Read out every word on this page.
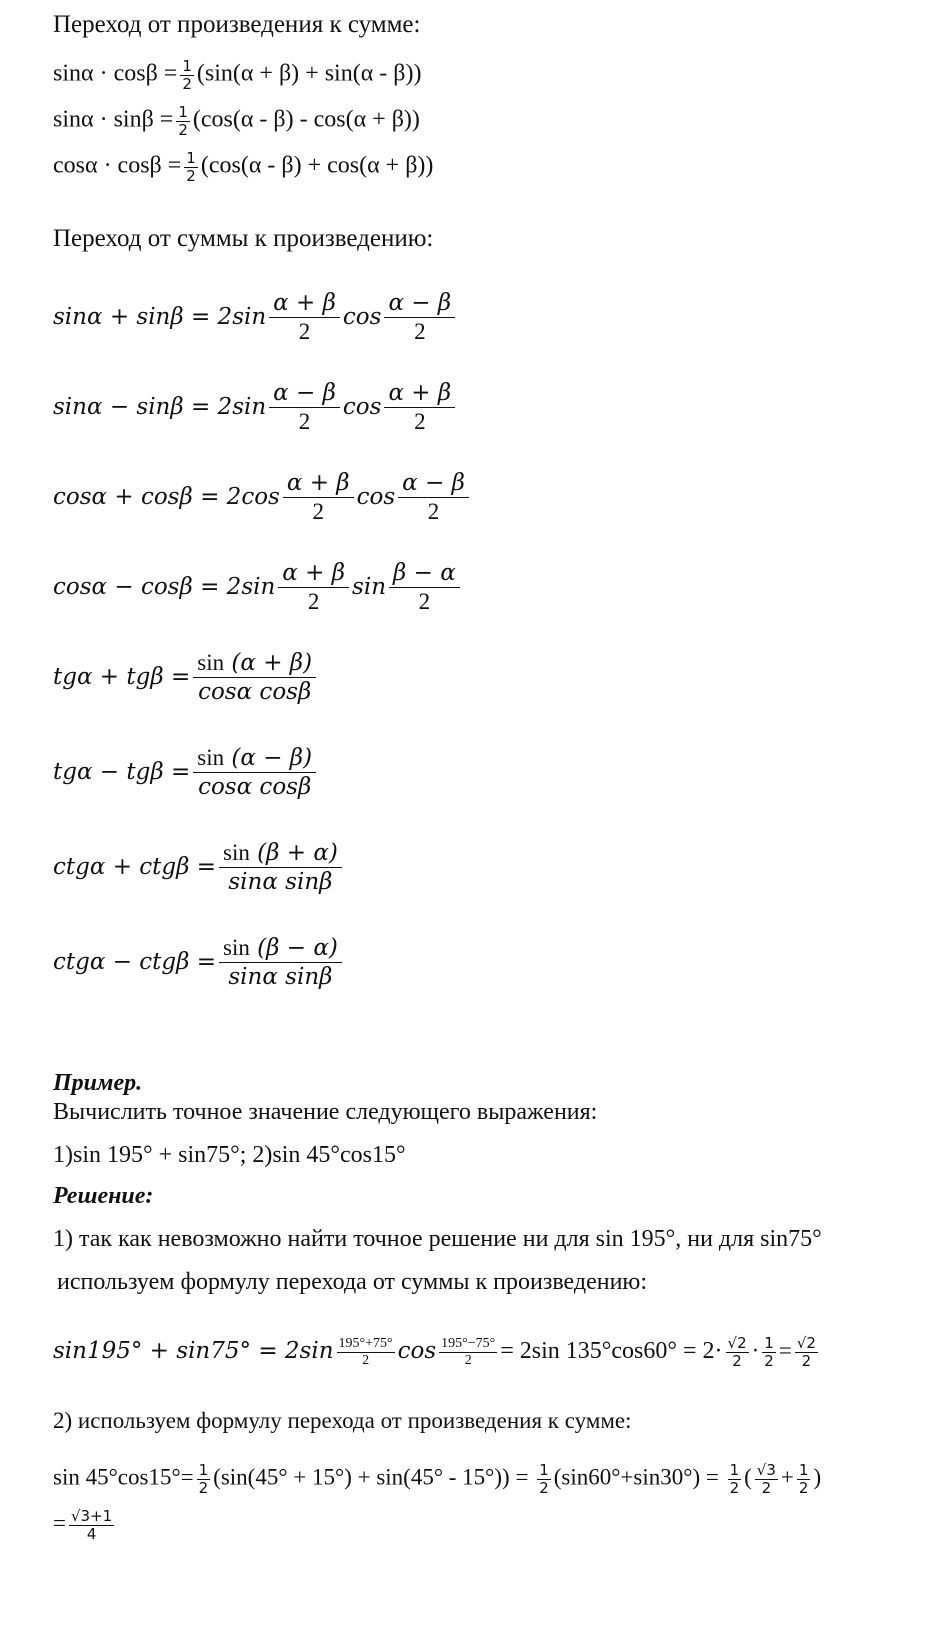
Переход от произведения к сумме:
$\sin\alpha \cdot \cos\beta = \frac{1}{2} (\sin(\alpha + \beta) + \sin(\alpha - \beta))$
$\sin\alpha \cdot \sin\beta = \frac{1}{2} (\cos(\alpha - \beta) - \cos(\alpha + \beta))$
$\cos\alpha \cdot \cos\beta = \frac{1}{2} (\cos(\alpha - \beta) + \cos(\alpha + \beta))$
Переход от суммы к произведению:
$\sin\alpha + \sin\beta = 2\sin \frac{\alpha + \beta}{2}$ $\cos \frac{\alpha - \beta}{2}$
$\sin\alpha - \sin\beta = 2\sin \frac{\alpha - \beta}{2}$ $\cos \frac{\alpha + \beta}{2}$
$\cos\alpha + \cos\beta = 2\cos \frac{\alpha + \beta}{2}$ $\cos \frac{\alpha - \beta}{2}$
$\cos\alpha - \cos\beta = 2\sin \frac{\alpha + \beta}{2}$ $\sin \frac{\beta - \alpha}{2}$
$tg\alpha + tg\beta = \frac{\sin (\alpha + \beta)}{\text{cosα cosβ}}$
$tg\alpha - tg\beta = \frac{\sin (\alpha - \beta)}{\text{cosα cosβ}}$
$ctg\alpha + ctg\beta = \frac{\sin (\beta + \alpha)}{\text{sinα sinβ}}$
$ctg\alpha - ctg\beta = \frac{\sin (\beta - \alpha)}{\text{sinα sinβ}}$
Пример.
Вычислить точное значение следующего выражения:
1)sin 195° + sin75°; 2)sin 45°cos15°
Решение:
1) так как невозможно найти точное решение ни для sin 195°, ни для sin75°
используем формулу перехода от суммы к произведению:
$\sin 195^\circ + \sin 75^\circ = 2\sin \frac{195^\circ+75^\circ}{2}$ $\cos \frac{195^\circ-75^\circ}{2} = 2\sin$ $135^\circ\cos 60^\circ = 2\cdot \frac{√2}{2} \cdot \frac{1}{2} = \frac{√2}{2}$
2) используем формулу перехода от произведения к сумме:
$\sin 45^\circ\cos 15^\circ= \frac{1}{2} (\sin(45^\circ + 15^\circ) + \sin(45^\circ - 15^\circ)) = \frac{1}{2} (\sin 60^\circ+\sin 30^\circ) = \frac{1}{2}$ ( $\frac{√3}{2} + \frac{1}{2}$ )
= $\frac{√3+1}{4}$
